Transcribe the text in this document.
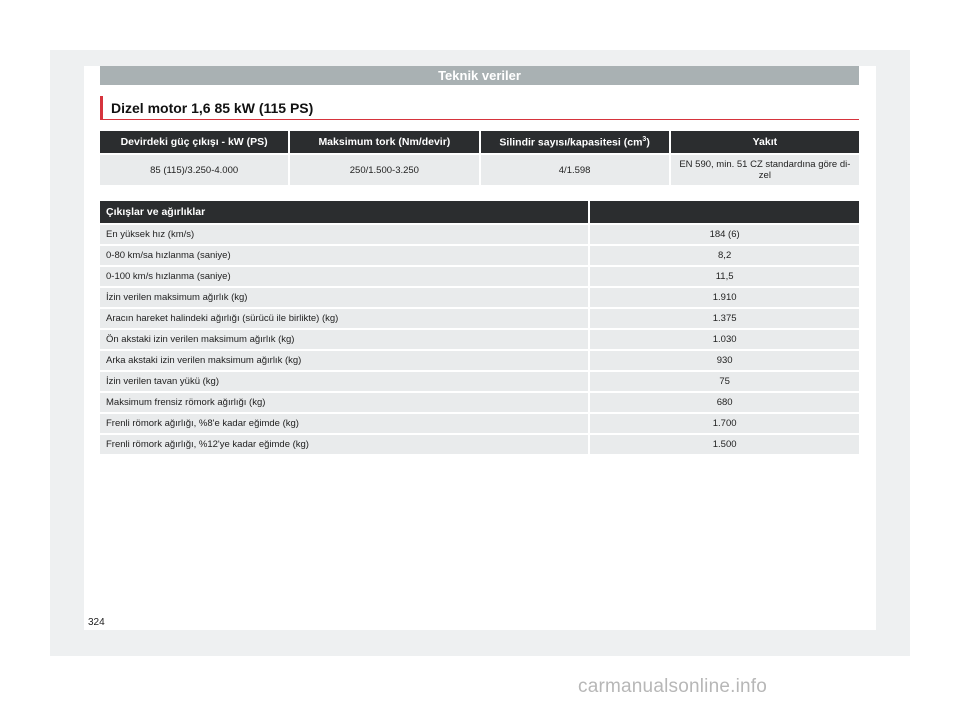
Teknik veriler
Dizel motor 1,6 85 kW (115 PS)
Devirdeki güç çıkışı - kW (PS)	Maksimum tork (Nm/devir)	Silindir sayısı/kapasitesi $(cm^3)$	Yakıt
85 (115)/3.250-4.000	250/1.500-3.250	4/1.598	EN 590, min. 51 CZ standardına göre di-zel
Çıkışlar ve ağırlıklar	
En yüksek hız (km/s)	184 (6)
0-80 km/sa hızlanma (saniye)	8,2
0-100 km/s hızlanma (saniye)	11,5
İzin verilen maksimum ağırlık (kg)	1.910
Aracın hareket halindeki ağırlığı (sürücü ile birlikte) (kg)	1.375
Ön akstaki izin verilen maksimum ağırlık (kg)	1.030
Arka akstaki izin verilen maksimum ağırlık (kg)	930
İzin verilen tavan yükü (kg)	75
Maksimum frensiz römork ağırlığı (kg)	680
Frenli römork ağırlığı, %8'e kadar eğimde (kg)	1.700
Frenli römork ağırlığı, %12'ye kadar eğimde (kg)	1.500
324
carmanualsonline.info
